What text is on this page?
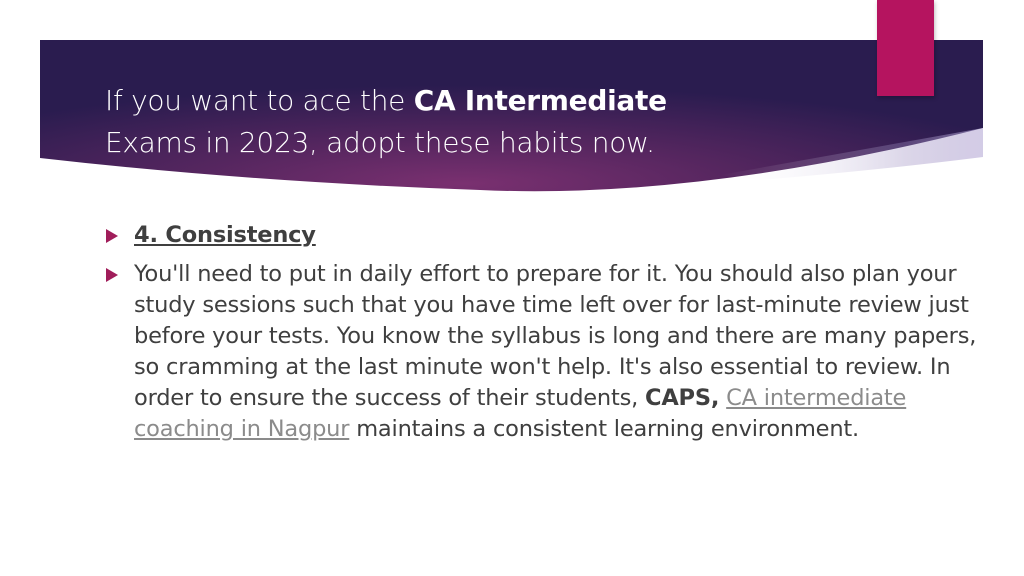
If you want to ace the CA Intermediate
Exams in 2023, adopt these habits now.
4. Consistency
You'll need to put in daily effort to prepare for it. You should also plan your study sessions such that you have time left over for last-minute review just before your tests. You know the syllabus is long and there are many papers, so cramming at the last minute won't help. It's also essential to review. In order to ensure the success of their students, CAPS, CA intermediate coaching in Nagpur maintains a consistent learning environment.
